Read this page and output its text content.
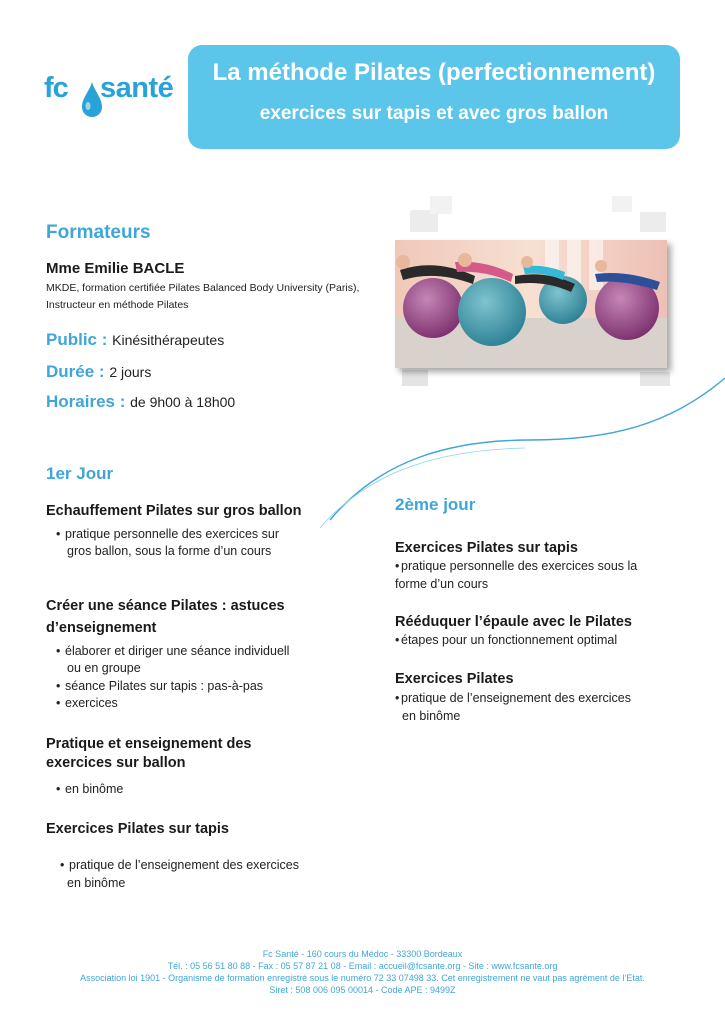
fc santé	La méthode Pilates (perfectionnement)
exercices sur tapis et avec gros ballon
Formateurs
Mme Emilie BACLE
MKDE, formation certifiée Pilates Balanced Body University (Paris),
Instructeur en méthode Pilates
Public : Kinésithérapeutes
Durée : 2 jours
Horaires : de 9h00 à 18h00
1er Jour
Echauffement Pilates sur gros ballon
• pratique personnelle des exercices sur
gros ballon, sous la forme d’un cours
Créer une séance Pilates : astuces
d’enseignement
• élaborer et diriger une séance individuell
ou en groupe
• séance Pilates sur tapis : pas-à-pas
• exercices
Pratique et enseignement des
exercices sur ballon
• en binôme
Exercices Pilates sur tapis
• pratique de l’enseignement des exercices
en binôme
2ème jour
Exercices Pilates sur tapis
• pratique personnelle des exercices sous la
forme d’un cours
Rééduquer l’épaule avec le Pilates
• étapes pour un fonctionnement optimal
Exercices Pilates
• pratique de l’enseignement des exercices
en binôme
Fc Santé - 160 cours du Médoc - 33300 Bordeaux
Tél. : 05 56 51 80 88 - Fax : 05 57 87 21 08 - Email : accueil@fcsante.org - Site : www.fcsante.org
Association loi 1901 - Organisme de formation enregistré sous le numéro 72 33 07498 33. Cet enregistrement ne vaut pas agrément de l’Etat.
Siret : 508 006 095 00014 - Code APE : 9499Z
